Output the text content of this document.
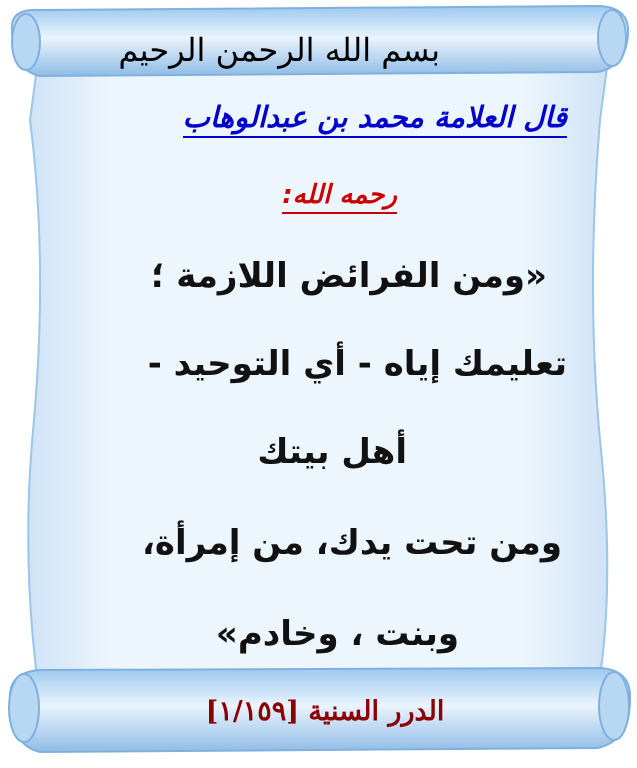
بسم الله الرحمن الرحيم
قال العلامة محمد بن عبدالوهاب
رحمه الله:
«ومن الفرائض اللازمة ؛
تعليمك إياه - أي التوحيد -
أهل بيتك
ومن تحت يدك، من إمرأة،
وبنت ، وخادم»
الدرر السنية [١/١٥٩]
